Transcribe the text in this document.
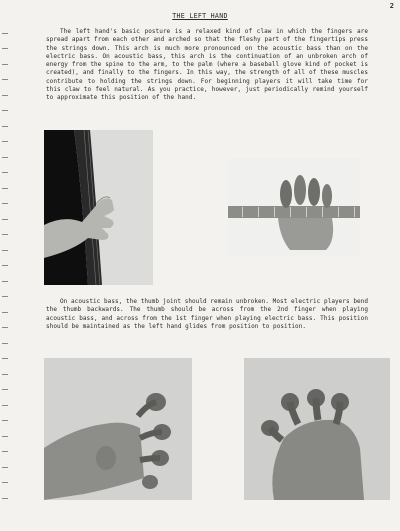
2
THE LEFT HAND

The left hand's basic posture is a relaxed kind of claw in which the fingers are spread apart from each other and arched so that the fleshy part of the fingertips press the strings down. This arch is much more pronounced on the acoustic bass than on the electric bass. On acoustic bass, this arch is the continuation of an unbroken arch of energy from the spine to the arm, to the palm (where a baseball glove kind of pocket is created), and finally to the fingers. In this way, the strength of all of these muscles contribute to holding the strings down. For beginning players it will take time for this claw to feel natural. As you practice, however, just periodically remind yourself to approximate this position of the hand.

On acoustic bass, the thumb joint should remain unbroken. Most electric players bend the thumb backwards. The thumb should be across from the 2nd finger when playing acoustic bass, and across from the 1st finger when playing electric bass. This position should be maintained as the left hand glides from position to position.
